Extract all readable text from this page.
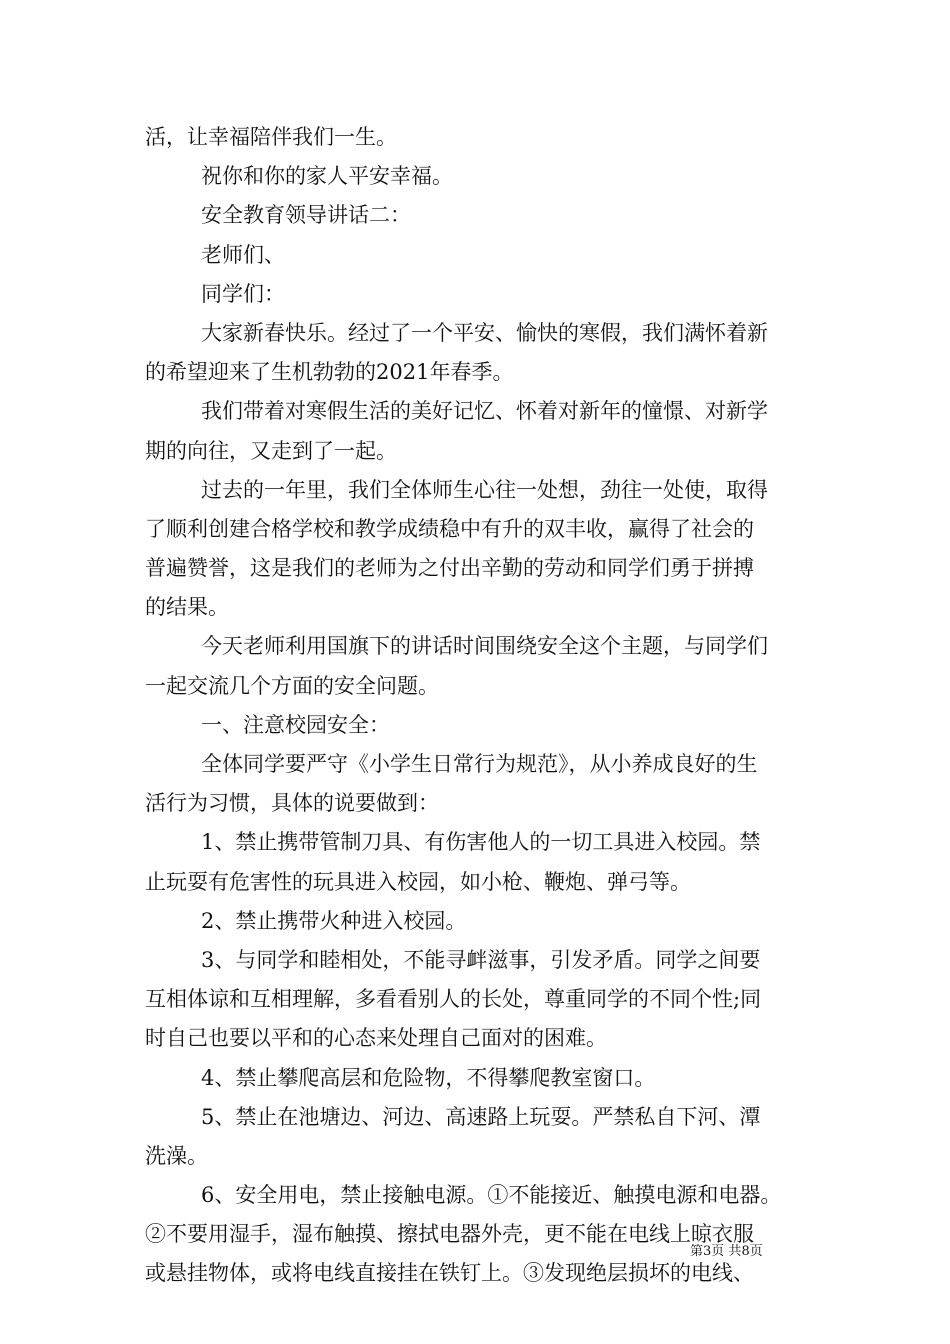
活，让幸福陪伴我们一生。
祝你和你的家人平安幸福。
安全教育领导讲话二：
老师们、
同学们：
大家新春快乐。经过了一个平安、愉快的寒假，我们满怀着新
的希望迎来了生机勃勃的2021年春季。
我们带着对寒假生活的美好记忆、怀着对新年的憧憬、对新学
期的向往，又走到了一起。
过去的一年里，我们全体师生心往一处想，劲往一处使，取得
了顺利创建合格学校和教学成绩稳中有升的双丰收，赢得了社会的
普遍赞誉，这是我们的老师为之付出辛勤的劳动和同学们勇于拼搏
的结果。
今天老师利用国旗下的讲话时间围绕安全这个主题，与同学们
一起交流几个方面的安全问题。
一、注意校园安全：
全体同学要严守《小学生日常行为规范》，从小养成良好的生
活行为习惯，具体的说要做到：
1、禁止携带管制刀具、有伤害他人的一切工具进入校园。禁
止玩耍有危害性的玩具进入校园，如小枪、鞭炮、弹弓等。
2、禁止携带火种进入校园。
3、与同学和睦相处，不能寻衅滋事，引发矛盾。同学之间要
互相体谅和互相理解，多看看别人的长处，尊重同学的不同个性;同
时自己也要以平和的心态来处理自己面对的困难。
4、禁止攀爬高层和危险物，不得攀爬教室窗口。
5、禁止在池塘边、河边、高速路上玩耍。严禁私自下河、潭
洗澡。
6、安全用电，禁止接触电源。①不能接近、触摸电源和电器。
②不要用湿手，湿布触摸、擦拭电器外壳，更不能在电线上晾衣服
或悬挂物体，或将电线直接挂在铁钉上。③发现绝层损坏的电线、
第3页 共8页
